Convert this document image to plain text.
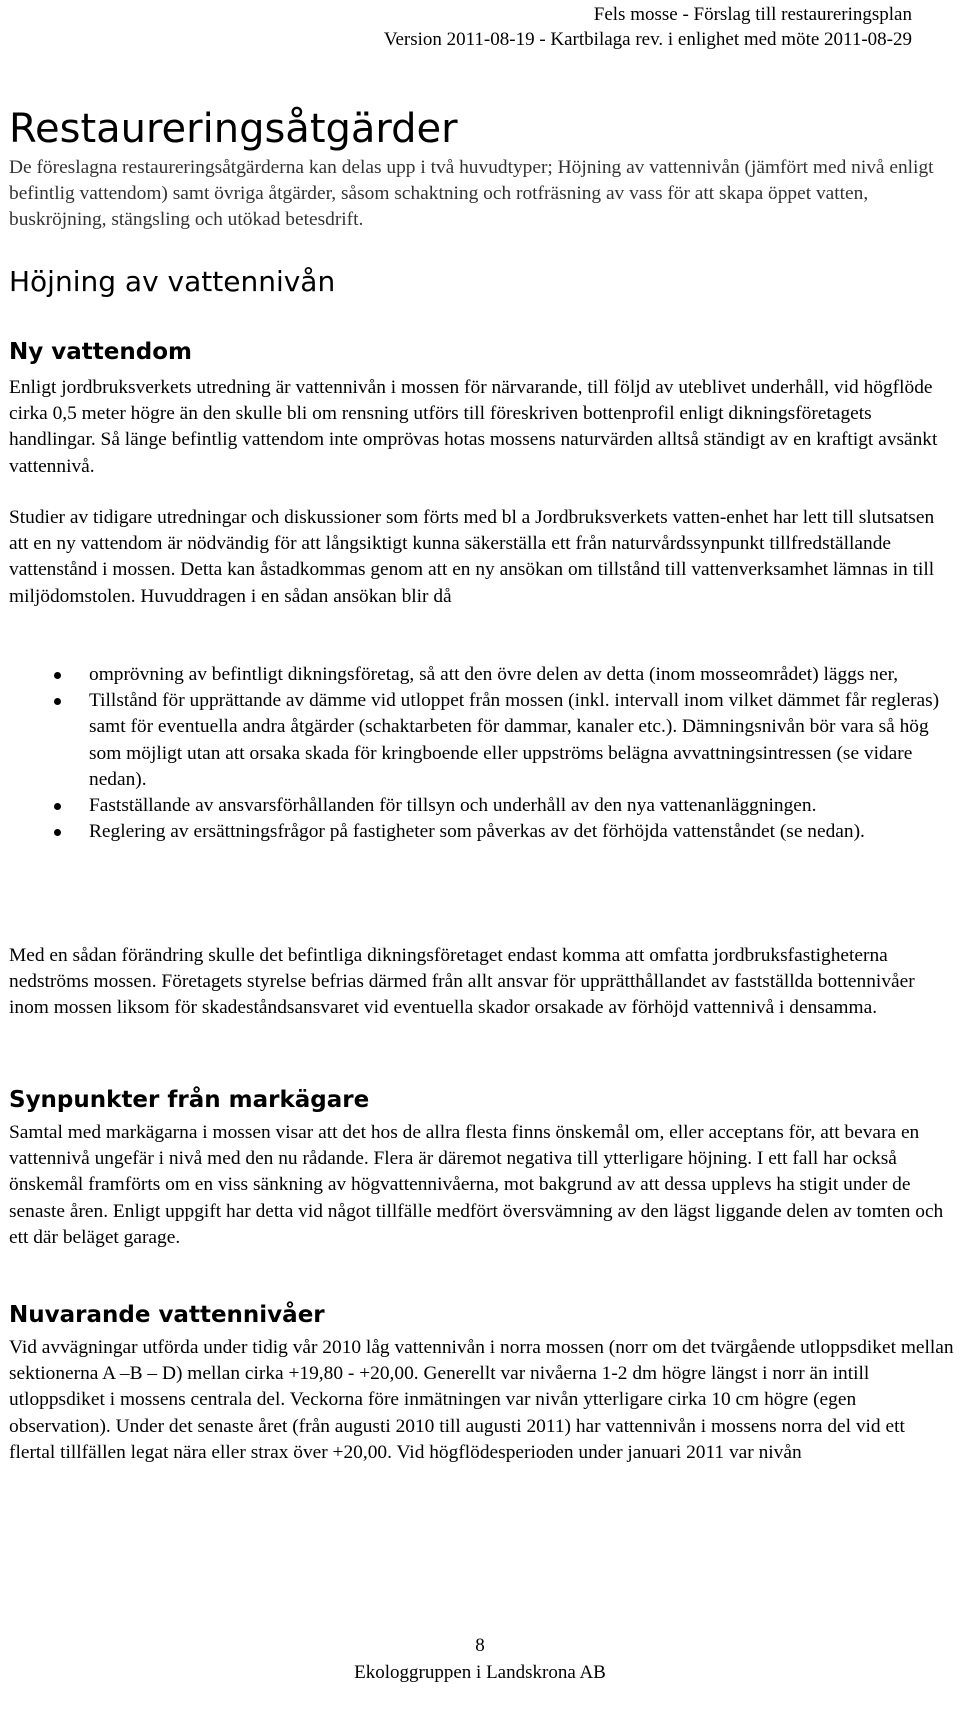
Fels mosse - Förslag till restaureringsplan
Version 2011-08-19 - Kartbilaga rev. i enlighet med möte 2011-08-29
Restaureringsåtgärder

De föreslagna restaureringsåtgärderna kan delas upp i två huvudtyper; Höjning av vattennivån (jämfört med nivå enligt befintlig vattendom) samt övriga åtgärder, såsom schaktning och rotfräsning av vass för att skapa öppet vatten, buskröjning, stängsling och utökad betesdrift.

Höjning av vattennivån
Ny vattendom

Enligt jordbruksverkets utredning är vattennivån i mossen för närvarande, till följd av uteblivet underhåll, vid högflöde cirka 0,5 meter högre än den skulle bli om rensning utförs till föreskriven bottenprofil enligt dikningsföretagets handlingar. Så länge befintlig vattendom inte omprövas hotas mossens naturvärden alltså ständigt av en kraftigt avsänkt vattennivå.

Studier av tidigare utredningar och diskussioner som förts med bl a Jordbruksverkets vatten-enhet har lett till slutsatsen att en ny vattendom är nödvändig för att långsiktigt kunna säkerställa ett från naturvårdssynpunkt tillfredställande vattenstånd i mossen. Detta kan åstadkommas genom att en ny ansökan om tillstånd till vattenverksamhet lämnas in till miljödomstolen. Huvuddragen i en sådan ansökan blir då

omprövning av befintligt dikningsföretag, så att den övre delen av detta (inom mosseområdet) läggs ner,
Tillstånd för upprättande av dämme vid utloppet från mossen (inkl. intervall inom vilket dämmet får regleras) samt för eventuella andra åtgärder (schaktarbeten för dammar, kanaler etc.). Dämningsnivån bör vara så hög som möjligt utan att orsaka skada för kringboende eller uppströms belägna avvattningsintressen (se vidare nedan).
Fastställande av ansvarsförhållanden för tillsyn och underhåll av den nya vattenanläggningen.
Reglering av ersättningsfrågor på fastigheter som påverkas av det förhöjda vattenståndet (se nedan).

Med en sådan förändring skulle det befintliga dikningsföretaget endast komma att omfatta jordbruksfastigheterna nedströms mossen. Företagets styrelse befrias därmed från allt ansvar för upprätthållandet av fastställda bottennivåer inom mossen liksom för skadeståndsansvaret vid eventuella skador orsakade av förhöjd vattennivå i densamma.

Synpunkter från markägare

Samtal med markägarna i mossen visar att det hos de allra flesta finns önskemål om, eller acceptans för, att bevara en vattennivå ungefär i nivå med den nu rådande. Flera är däremot negativa till ytterligare höjning. I ett fall har också önskemål framförts om en viss sänkning av högvattennivåerna, mot bakgrund av att dessa upplevs ha stigit under de senaste åren. Enligt uppgift har detta vid något tillfälle medfört översvämning av den lägst liggande delen av tomten och ett där beläget garage.

Nuvarande vattennivåer

Vid avvägningar utförda under tidig vår 2010 låg vattennivån i norra mossen (norr om det tvärgående utloppsdiket mellan sektionerna A –B – D) mellan cirka +19,80 - +20,00. Generellt var nivåerna 1-2 dm högre längst i norr än intill utloppsdiket i mossens centrala del. Veckorna före inmätningen var nivån ytterligare cirka 10 cm högre (egen observation). Under det senaste året (från augusti 2010 till augusti 2011) har vattennivån i mossens norra del vid ett flertal tillfällen legat nära eller strax över +20,00. Vid högflödesperioden under januari 2011 var nivån

8
Ekologgruppen i Landskrona AB
